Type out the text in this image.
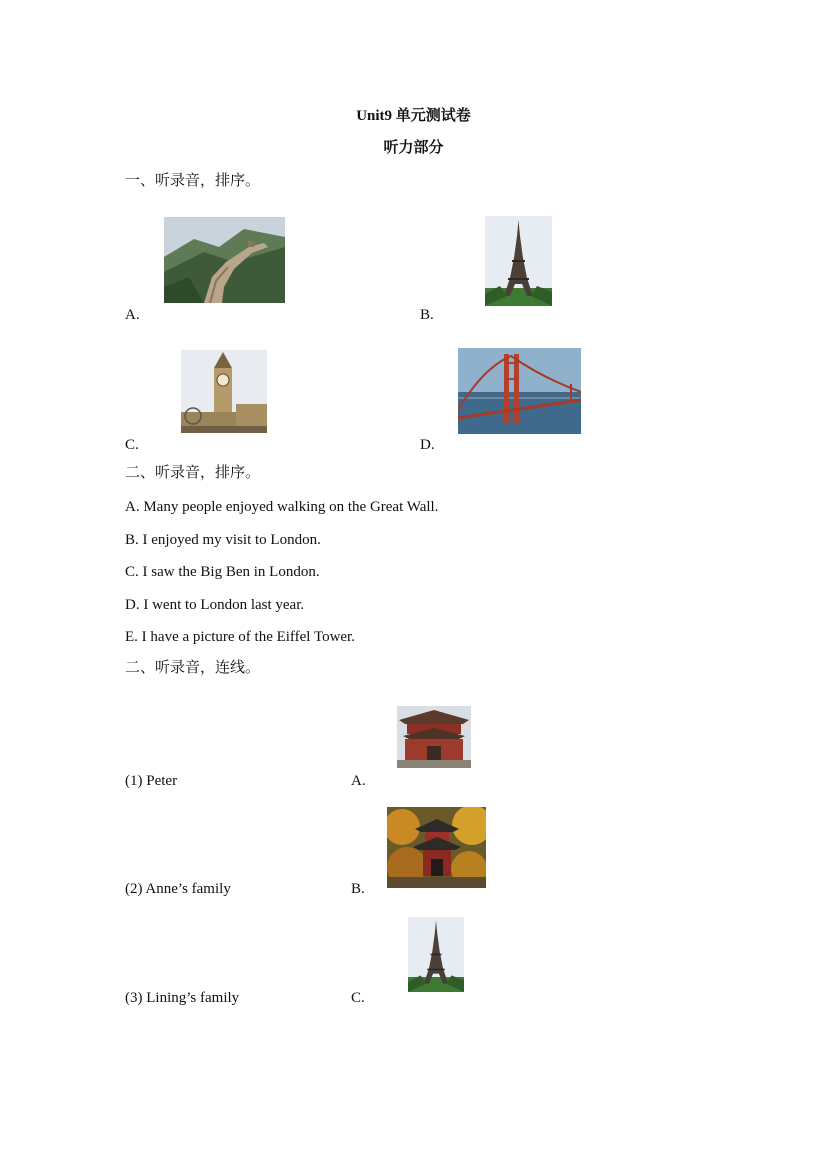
Unit9 单元测试卷
听力部分
一、听录音，排序。
A.	B.
C.	D.
二、听录音，排序。
A. Many people enjoyed walking on the Great Wall.
B. I enjoyed my visit to London.
C. I saw the Big Ben in London.
D. I went to London last year.
E. I have a picture of the Eiffel Tower.
二、听录音，连线。
(1) Peter	A.
(2) Anne’s family	B.
(3) Lining’s family	C.
